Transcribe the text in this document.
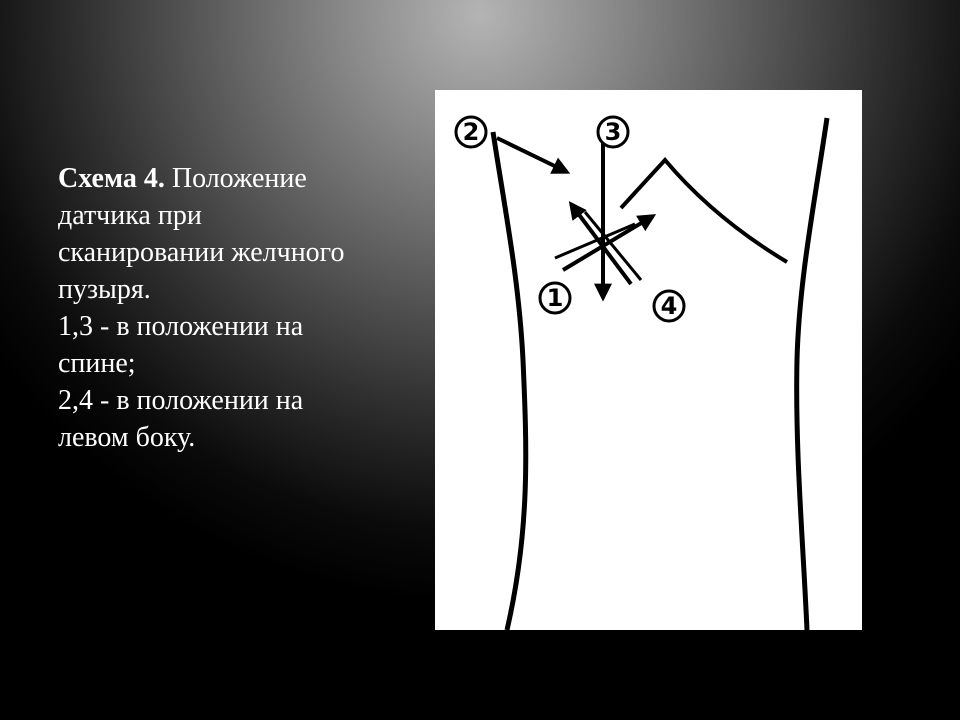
Схема 4. Положение датчика при сканировании желчного пузыря.
1,3 - в положении на спине;
2,4 - в положении на левом боку.
2	3
1	4
